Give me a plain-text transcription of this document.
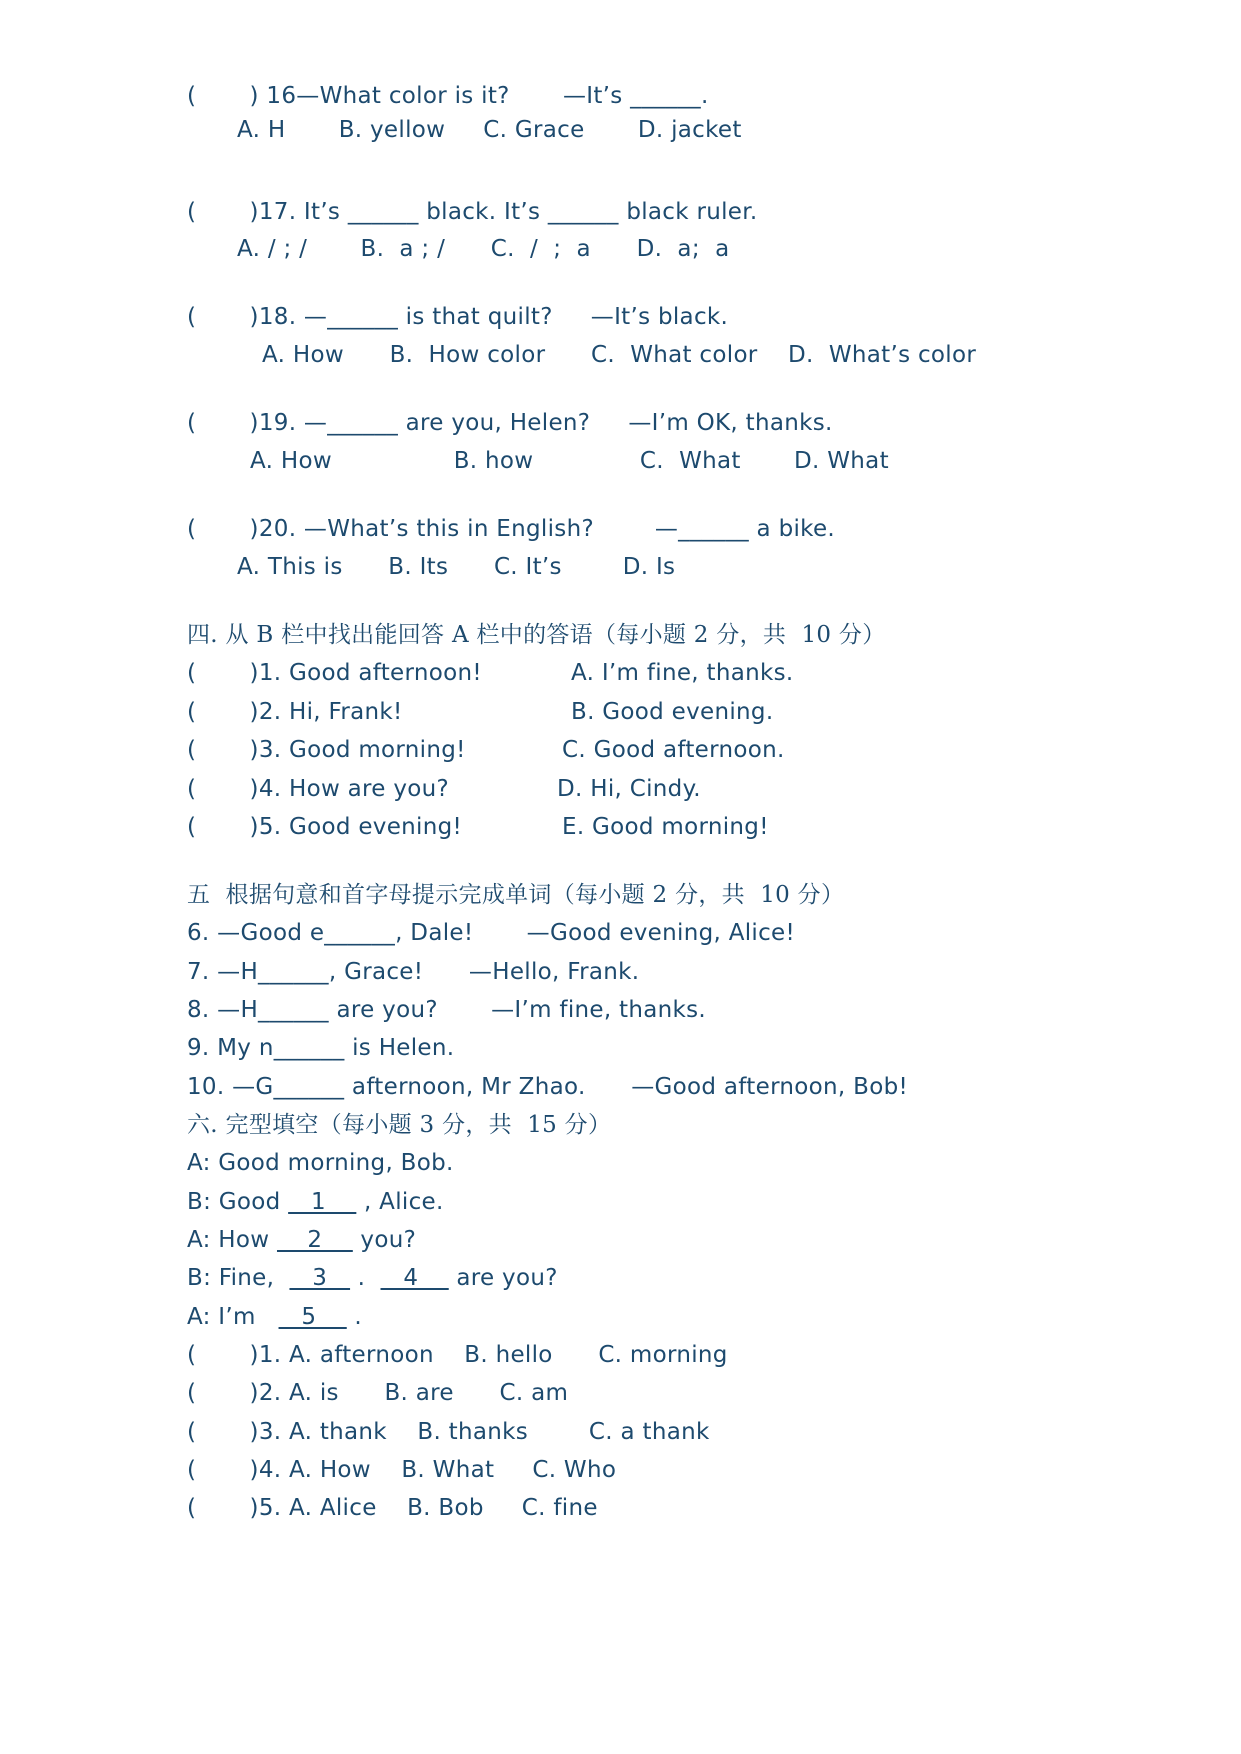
(       ) 16—What color is it?       —It’s ______.
A. H       B. yellow     C. Grace       D. jacket
(       )17. It’s ______ black. It’s ______ black ruler.
A. / ; /       B.  a ; /      C.  /  ;  a      D.  a;  a
(       )18. —______ is that quilt?     —It’s black.
A. How      B.  How color      C.  What color    D.  What’s color
(       )19. —______ are you, Helen?     —I’m OK, thanks.
A. How                B. how              C.  What       D. What
(       )20. —What’s this in English?        —______ a bike.
A. This is      B. Its      C. It’s        D. Is
四. 从 B 栏中找出能回答 A 栏中的答语（每小题 2 分，共  10 分）
(       )1. Good afternoon!	A. I’m fine, thanks.
(       )2. Hi, Frank!	B. Good evening.
(       )3. Good morning!	C. Good afternoon.
(       )4. How are you?	D. Hi, Cindy.
(       )5. Good evening!	E. Good morning!
五  根据句意和首字母提示完成单词（每小题 2 分，共  10 分）
6. —Good e______, Dale!       —Good evening, Alice!
7. —H______, Grace!      —Hello, Frank.
8. —H______ are you?       —I’m fine, thanks.
9. My n______ is Helen.
10. —G______ afternoon, Mr Zhao.      —Good afternoon, Bob!
六. 完型填空（每小题 3 分，共  15 分）
A: Good morning, Bob.
B: Good    1     , Alice.
A: How     2     you?
B: Fine,     3    .     4     are you?
A: I’m      5     .
(       )1. A. afternoon    B. hello      C. morning
(       )2. A. is      B. are      C. am
(       )3. A. thank    B. thanks        C. a thank
(       )4. A. How    B. What     C. Who
(       )5. A. Alice    B. Bob     C. fine
